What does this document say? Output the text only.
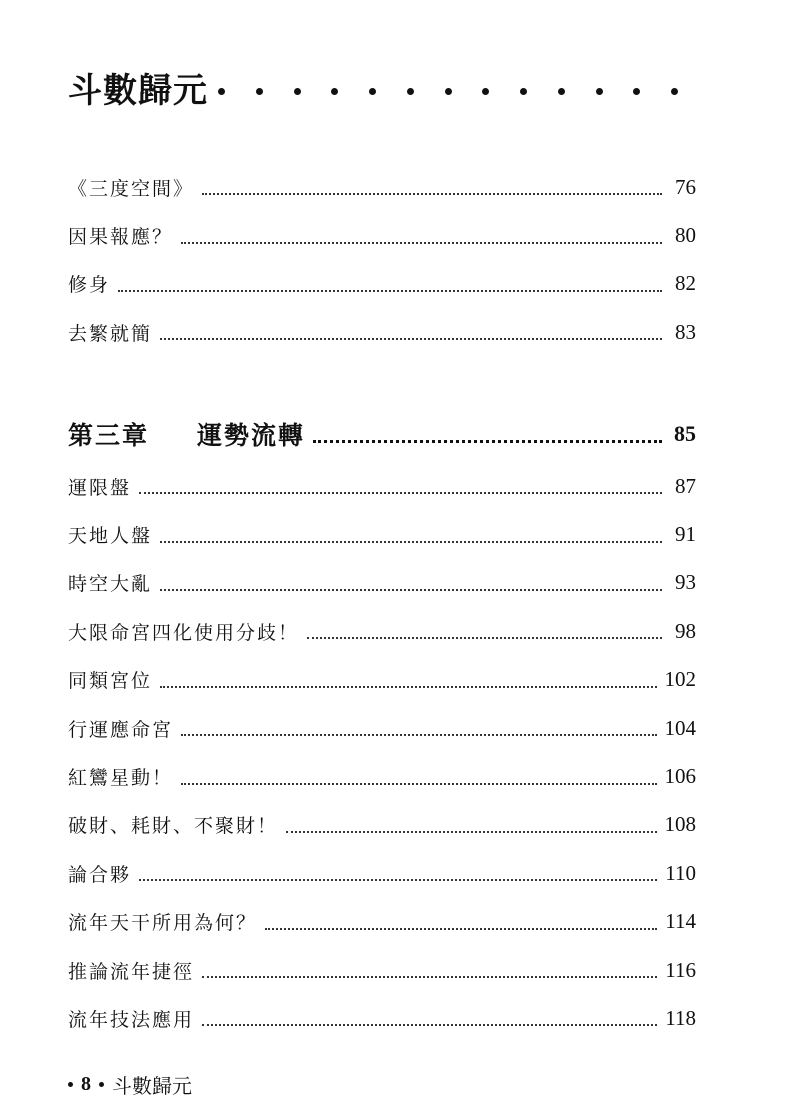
斗數歸元
《三度空間》	76
因果報應？	80
修身	82
去繁就簡	83
第三章 運勢流轉	85
運限盤	87
天地人盤	91
時空大亂	93
大限命宮四化使用分歧！	98
同類宮位	102
行運應命宮	104
紅鸞星動！	106
破財、耗財、不聚財！	108
論合夥	110
流年天干所用為何？	114
推論流年捷徑	116
流年技法應用	118
8 斗數歸元
